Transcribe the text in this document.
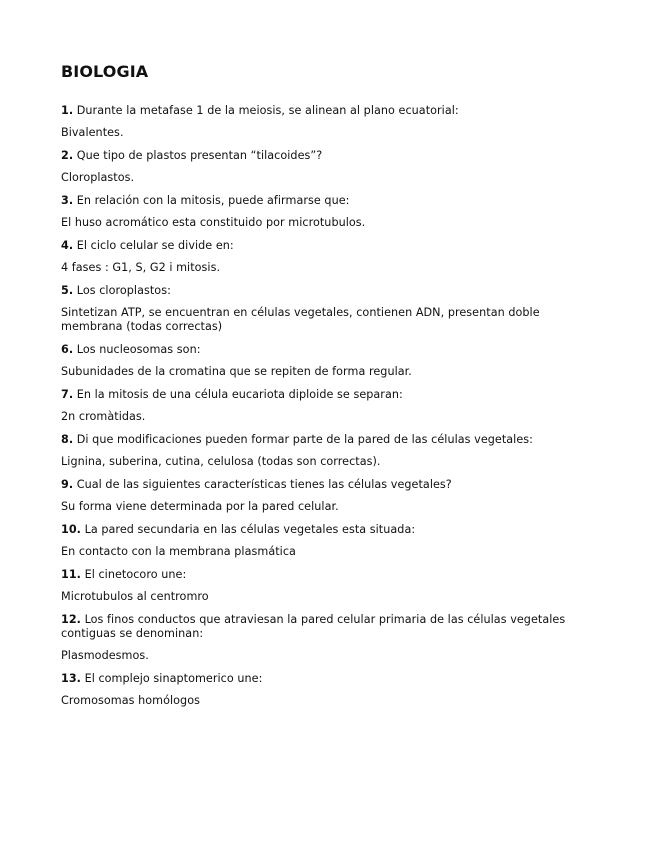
BIOLOGIA

1. Durante la metafase 1 de la meiosis, se alinean al plano ecuatorial:

Bivalentes.

2. Que tipo de plastos presentan “tilacoides”?

Cloroplastos.

3. En relación con la mitosis, puede afirmarse que:

El huso acromático esta constituido por microtubulos.

4. El ciclo celular se divide en:

4 fases : G1, S, G2 i mitosis.

5. Los cloroplastos:

Sintetizan ATP, se encuentran en células vegetales, contienen ADN, presentan doble membrana (todas correctas)

6. Los nucleosomas son:

Subunidades de la cromatina que se repiten de forma regular.

7. En la mitosis de una célula eucariota diploide se separan:

2n cromàtidas.

8. Di que modificaciones pueden formar parte de la pared de las células vegetales:

Lignina, suberina, cutina, celulosa (todas son correctas).

9. Cual de las siguientes características tienes las células vegetales?

Su forma viene determinada por la pared celular.

10. La pared secundaria en las células vegetales esta situada:

En contacto con la membrana plasmática

11. El cinetocoro une:

Microtubulos al centromro

12. Los finos conductos que atraviesan la pared celular primaria de las células vegetales contiguas se denominan:

Plasmodesmos.

13. El complejo sinaptomerico une:

Cromosomas homólogos
